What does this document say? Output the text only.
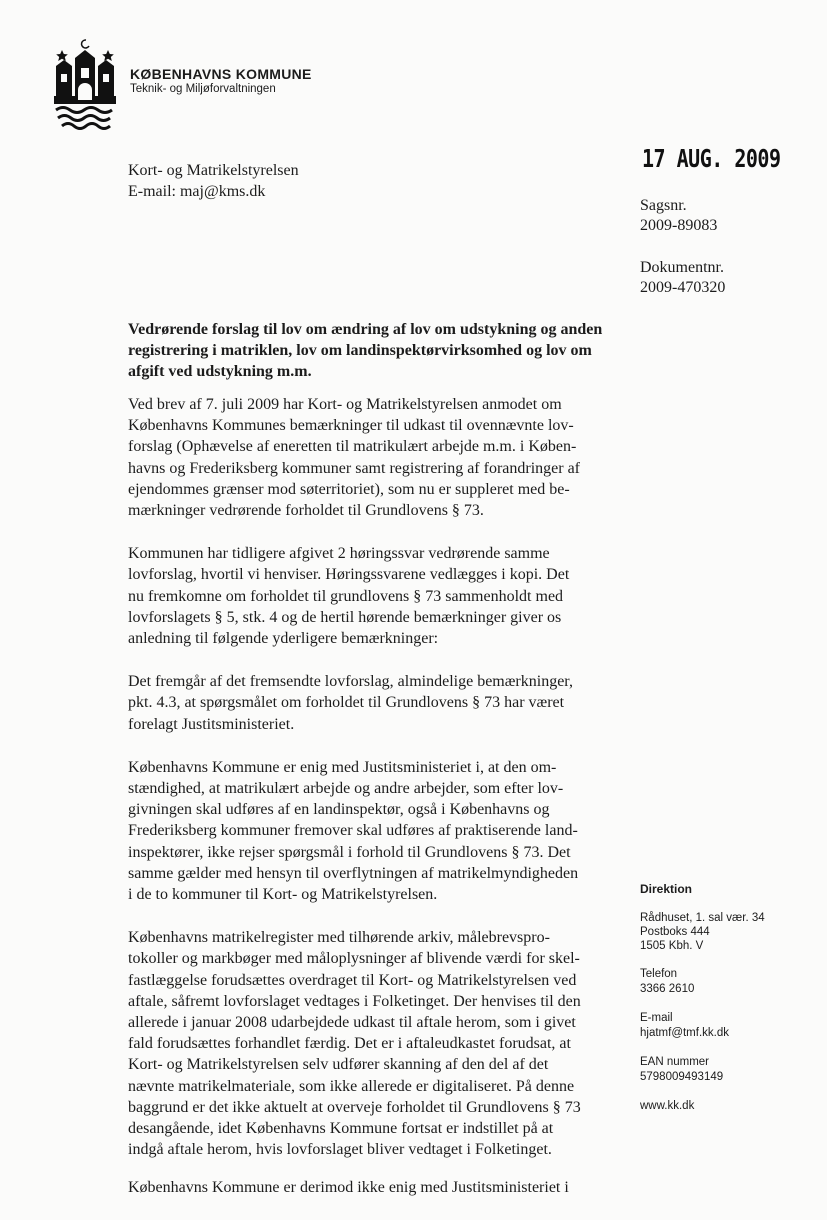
KØBENHAVNS KOMMUNE
Teknik- og Miljøforvaltningen
Kort- og Matrikelstyrelsen
E-mail: maj@kms.dk
17 AUG. 2009
Sagsnr.
2009-89083
Dokumentnr.
2009-470320
Vedrørende forslag til lov om ændring af lov om udstykning og anden registrering i matriklen, lov om landinspektørvirksomhed og lov om afgift ved udstykning m.m.

Ved brev af 7. juli 2009 har Kort- og Matrikelstyrelsen anmodet om
Københavns Kommunes bemærkninger til udkast til ovennævnte lov-
forslag (Ophævelse af eneretten til matrikulært arbejde m.m. i Køben-
havns og Frederiksberg kommuner samt registrering af forandringer af
ejendommes grænser mod søterritoriet), som nu er suppleret med be-
mærkninger vedrørende forholdet til Grundlovens § 73.

Kommunen har tidligere afgivet 2 høringssvar vedrørende samme
lovforslag, hvortil vi henviser. Høringssvarene vedlægges i kopi. Det
nu fremkomne om forholdet til grundlovens § 73 sammenholdt med
lovforslagets § 5, stk. 4 og de hertil hørende bemærkninger giver os
anledning til følgende yderligere bemærkninger:

Det fremgår af det fremsendte lovforslag, almindelige bemærkninger,
pkt. 4.3, at spørgsmålet om forholdet til Grundlovens § 73 har været
forelagt Justitsministeriet.

Københavns Kommune er enig med Justitsministeriet i, at den om-
stændighed, at matrikulært arbejde og andre arbejder, som efter lov-
givningen skal udføres af en landinspektør, også i Københavns og
Frederiksberg kommuner fremover skal udføres af praktiserende land-
inspektører, ikke rejser spørgsmål i forhold til Grundlovens § 73. Det
samme gælder med hensyn til overflytningen af matrikelmyndigheden
i de to kommuner til Kort- og Matrikelstyrelsen.

Københavns matrikelregister med tilhørende arkiv, målebrevspro-
tokoller og markbøger med måloplysninger af blivende værdi for skel-
fastlæggelse forudsættes overdraget til Kort- og Matrikelstyrelsen ved
aftale, såfremt lovforslaget vedtages i Folketinget. Der henvises til den
allerede i januar 2008 udarbejdede udkast til aftale herom, som i givet
fald forudsættes forhandlet færdig. Det er i aftaleudkastet forudsat, at
Kort- og Matrikelstyrelsen selv udfører skanning af den del af det
nævnte matrikelmateriale, som ikke allerede er digitaliseret. På denne
baggrund er det ikke aktuelt at overveje forholdet til Grundlovens § 73
desangående, idet Københavns Kommune fortsat er indstillet på at
indgå aftale herom, hvis lovforslaget bliver vedtaget i Folketinget.

Københavns Kommune er derimod ikke enig med Justitsministeriet i

Direktion
Rådhuset, 1. sal vær. 34
Postboks 444
1505 Kbh. V
Telefon
3366 2610
E-mail
hjatmf@tmf.kk.dk
EAN nummer
5798009493149
www.kk.dk
